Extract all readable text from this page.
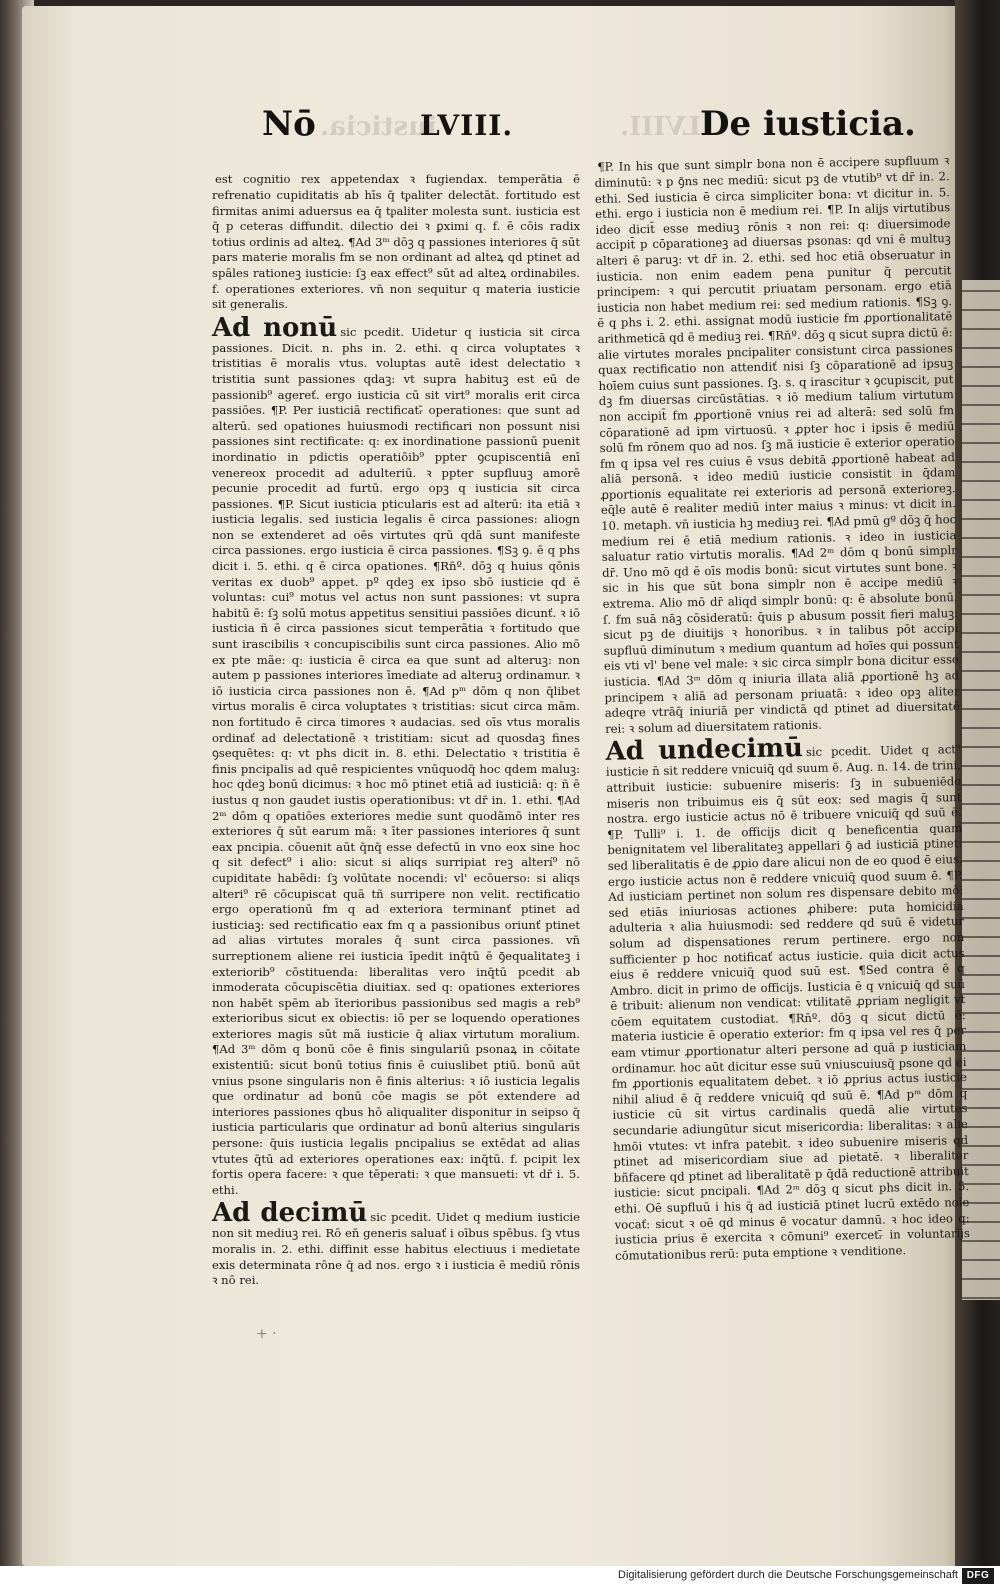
iusticia.	LVIII.
Nō	LVIII.	De iusticia.

est cognitio rex appetendax ꝛ fugiendax. temperātia ē refrenatio cupiditatis ab hīs q̄ tᵱaliter delectāt. fortitudo est firmitas animi aduersus ea q̄ tᵱaliter molesta sunt. iusticia est q̄ p ceteras diffundit. dilectio dei ꝛ ꝑximi q. f. ē cōis radix totius ordinis ad alteꝝ. ¶Ad 3ᵐ dōꝫ q passiones interiores q̄ sūt pars materie moralis fm se non ordinant ad alteꝝ qd ptinet ad spāles rationeꝫ iusticie: ſꝫ eax effect⁹ sūt ad alteꝝ ordinabiles. f. operationes exteriores. vn̄ non sequitur q materia iusticie sit generalis.

Ad nonū sic pcedit. Uidetur q iusticia sit circa passiones. Dicit. n. phs in. 2. ethi. q circa voluptates ꝛ tristitias ē moralis vtus. voluptas autē idest delectatio ꝛ tristitia sunt passiones qdaꝫ: vt supra habituꝫ est eū de passionib⁹ agereť. ergo iusticia cū sit virt⁹ moralis erit circa passiōes. ¶P. Per iusticiā rectificatᵣ̄ operationes: que sunt ad alterū. sed opationes huiusmodi rectificari non possunt nisi passiones sint rectificate: q: ex inordinatione passionū puenit inordinatio in pdictis operatiōib⁹ ppter ꝯcupiscentiā enī venereox procedit ad adulteriū. ꝛ ppter supfluuꝫ amorē pecunie procedit ad furtū. ergo opꝫ q iusticia sit circa passiones. ¶P. Sicut iusticia pticularis est ad alterū: ita etiā ꝛ iusticia legalis. sed iusticia legalis ē circa passiones: aliogn non se extenderet ad oēs virtutes qrū qdā sunt manifeste circa passiones. ergo iusticia ē circa passiones. ¶Sꝫ ꝯ. ē q phs dicit i. 5. ethi. q ē circa opationes. ¶Rn̄º. dōꝫ q huius qōnis veritas ex duob⁹ appet. pº qdeꝫ ex ipso sbō iusticie qd ē voluntas: cui⁹ motus vel actus non sunt passiones: vt supra habitū ē: ſꝫ solū motus appetitus sensitiui passiōes dicunť. ꝛ iō iusticia ñ ē circa passiones sicut temperātia ꝛ fortitudo que sunt irascibilis ꝛ concupiscibilis sunt circa passiones. Alio mō ex pte mãe: q: iusticia ē circa ea que sunt ad alteruꝫ: non autem p passiones interiores īmediate ad alteruꝫ ordinamur. ꝛ iō iusticia circa passiones non ē. ¶Ad pᵐ dōm q non q̄libet virtus moralis ē circa voluptates ꝛ tristitias: sicut circa mām. non fortitudo ē circa timores ꝛ audacias. sed oīs vtus moralis ordinať ad delectationē ꝛ tristitiam: sicut ad quosdaꝫ fines ꝯsequētes: q: vt phs dicit in. 8. ethi. Delectatio ꝛ tristitia ē finis pncipalis ad quē respicientes vnūquodq̄ hoc qdem maluꝫ: hoc qdeꝫ bonū dicimus: ꝛ hoc mō ptinet etiā ad iusticiā: q: ñ ē iustus q non gaudet iustis operationibus: vt dr̄ in. 1. ethi. ¶Ad 2ᵐ dōm q opatiōes exteriores medie sunt quodāmō inter res exteriores q̄ sūt earum mã: ꝛ īter passiones interiores q̄ sunt eax pncipia. cōuenit aūt q̄nq̄ esse defectū in vno eox sine hoc q sit defect⁹ i alio: sicut si aliqs surripiat reꝫ alterí⁹ nō cupiditate habēdi: ſꝫ volūtate nocendi: vl' ecōuerso: si aliqs alteri⁹ rē cōcupiscat quā tñ surripere non velit. rectificatio ergo operationū fm q ad exteriora terminanť ptinet ad iusticiaꝫ: sed rectificatio eax fm q a passionibus oriunť ptinet ad alias virtutes morales q̄ sunt circa passiones. vn̄ surreptionem aliene rei iusticia īpedit inq̄tū ē ꝯ̄equalitateꝫ i exteriorib⁹ cōstituenda: liberalitas vero inq̄tū pcedit ab inmoderata cōcupiscētia diuitiax. sed q: opationes exteriores non habēt spēm ab īterioribus passionibus sed magis a reb⁹ exterioribus sicut ex obiectis: iō per se loquendo operationes exteriores magis sūt mã iusticie q̄ aliax virtutum moralium. ¶Ad 3ᵐ dōm q bonū cōe ē finis singulariū psonaꝝ in cōitate existentiū: sicut bonū totius finis ē cuiuslibet ptiū. bonū aūt vnius psone singularis non ē finis alterius: ꝛ iō iusticia legalis que ordinatur ad bonū cōe magis se pōt extendere ad interiores passiones qbus hō aliqualiter disponitur in seipso q̄ iusticia particularis que ordinatur ad bonū alterius singularis persone: q̄uis iusticia legalis pncipalius se extēdat ad alias vtutes q̄tū ad exteriores operationes eax: inq̄tū. f. pcipit lex fortis opera facere: ꝛ que tēperati: ꝛ que mansueti: vt dr̄ i. 5. ethi.

Ad decimū sic pcedit. Uidet q medium iusticie non sit mediuꝫ rei. Rō en̄ generis saluať i oībus spēbus. ſꝫ vtus moralis in. 2. ethi. diffinit esse habitus electiuus i medietate exis determinata rōne q̄ ad nos. ergo ꝛ i iusticia ē mediū rōnis ꝛ nō rei.

¶P. In his que sunt simplr bona non ē accipere supfluum ꝛ diminutū: ꝛ p ꝯ̄ns nec mediū: sicut pꝫ de vtutib⁹ vt dr̄ in. 2. ethi. Sed iusticia ē circa simpliciter bona: vt dicitur in. 5. ethi. ergo i iusticia non ē medium rei. ¶P. In alijs virtutibus ideo dicit̄ esse mediuꝫ rōnis ꝛ non rei: q: diuersimode accipit̄ p cōparationeꝫ ad diuersas psonas: qd vni ē multuꝫ alteri ē paruꝫ: vt dr̄ in. 2. ethi. sed hoc etiā obseruatur in iusticia. non enim eadem pena punitur q̄ percutit principem: ꝛ qui percutit priuatam personam. ergo etiā iusticia non habet medium rei: sed medium rationis. ¶Sꝫ ꝯ. ē q phs i. 2. ethi. assignat modū iusticie fm ꝓportionalitatē arithmeticā qd ē mediuꝫ rei. ¶Rn̄º. dōꝫ q sicut supra dictū ē: alie virtutes morales pncipaliter consistunt circa passiones quax rectificatio non attendiť nisi ſꝫ cōparationē ad ipsuꝫ hoīem cuius sunt passiones. ſꝫ. s. q irascitur ꝛ ꝯcupiscit, put dꝫ fm diuersas circūstātias. ꝛ iō medium talium virtutum non accipit̄ fm ꝓportionē vnius rei ad alterā: sed solū fm cōparationē ad ipm virtuosū. ꝛ ꝓpter hoc i ipsis ē mediū solū fm rōnem quo ad nos. ſꝫ mã iusticie ē exterior operatio fm q ipsa vel res cuius ē vsus debitā ꝓportionē habeat ad aliā personā. ꝛ ideo mediū iusticie consistit in q̄dam ꝓportionis equalitate rei exterioris ad personā exterioreꝫ. eq̄le autē ē realiter mediū inter maius ꝛ minus: vt dicit in. 10. metaph. vn̄ iusticia hꝫ mediuꝫ rei. ¶Ad pmū gº dōꝫ q̄ hoc medium rei ē etiā medium rationis. ꝛ ideo in iusticia saluatur ratio virtutis moralis. ¶Ad 2ᵐ dōm q bonū simplr dr̄. Uno mō qd ē oīs modis bonū: sicut virtutes sunt bone. ꝛ sic in his que sūt bona simplr non ē accipe mediū ꝛ extrema. Alio mō dr̄ aliqd simplr bonū: q: ē absolute bonū. ſ. fm suā nāꝫ cōsideratū: q̄uis p abusum possit fieri maluꝫ: sicut pꝫ de diuitijs ꝛ honoribus. ꝛ in talibus pōt accipi supfluū diminutum ꝛ medium quantum ad hoīes qui possunt eis vti vl' bene vel male: ꝛ sic circa simplr bona dicitur esse iusticia. ¶Ad 3ᵐ dōm q iniuria illata aliā ꝓportionē hꝫ ad principem ꝛ aliā ad personam priuatā: ꝛ ideo opꝫ aliter adeqre vtrāq̄ iniuriā per vindictā qd ptinet ad diuersitatē rei: ꝛ solum ad diuersitatem rationis.

Ad undecimū sic pcedit. Uidet q act⁹ iusticie n̄ sit reddere vnicuiq̄ qd suum ē. Aug. n. 14. de trini. attribuit iusticie: subuenire miseris: ſꝫ in subueniēdo miseris non tribuimus eis q̄ sūt eox: sed magis q̄ sunt nostra. ergo iusticie actus nō ē tribuere vnicuiq̄ qd suū ē. ¶P. Tulli⁹ i. 1. de officijs dicit q beneficentia quam benignitatem vel liberalitateꝫ appellari ꝯ̄ ad iusticiā ptinet: sed liberalitatis ē de ꝓpio dare alicui non de eo quod ē eius. ergo iusticie actus non ē reddere vnicuiq̄ quod suum ē. ¶P. Ad iusticiam pertinet non solum res dispensare debito mō: sed etiās iniuriosas actiones ꝓhibere: puta homicidia adulteria ꝛ alia huiusmodi: sed reddere qd suū ē videtur solum ad dispensationes rerum pertinere. ergo non sufficienter p hoc notificať actus iusticie. quia dicit actus eius ē reddere vnicuiq̄ quod suū est. ¶Sed contra ē q Ambro. dicit in primo de officijs. Iusticia ē q vnicuiq̄ qd suū ē tribuit: alienum non vendicat: vtilitatē ꝓpriam negligit vt cōem equitatem custodiat. ¶Rn̄º. dōꝫ q sicut dictū ē: materia iusticie ē operatio exterior: fm q ipsa vel res q̄ per eam vtimur ꝓportionatur alteri persone ad quā p iusticiam ordinamur. hoc aūt dicitur esse suū vniuscuiusq̄ psone qd ei fm ꝓportionis equalitatem debet. ꝛ iō ꝓprius actus iusticie nihil aliud ē q̄ reddere vnicuiq̄ qd suū ē. ¶Ad pᵐ dōm q iusticie cū sit virtus cardinalis quedā alie virtutes secundarie adiungūtur sicut misericordia: liberalitas: ꝛ alie hmōi vtutes: vt infra patebit. ꝛ ideo subuenire miseris qd ptinet ad misericordiam siue ad pietatē. ꝛ liberaliter bñfacere qd ptinet ad liberalitatē p q̄dā reductionē attribuit iusticie: sicut pncipali. ¶Ad 2ᵐ dōꝫ q sicut phs dicit in. 5. ethi. Oē supfluū i his q̄ ad iusticiā ptinet lucrū extēdo noīe vocať: sicut ꝛ oē qd minus ē vocatur damnū. ꝛ hoc ideo q: iusticia prius ē exercita ꝛ cōmuni⁹ exercetᵣ̄ in voluntarijs cōmutationibus rerū: puta emptione ꝛ venditione.

+ ·
Digitalisierung gefördert durch die Deutsche Forschungsgemeinschaft DFG
